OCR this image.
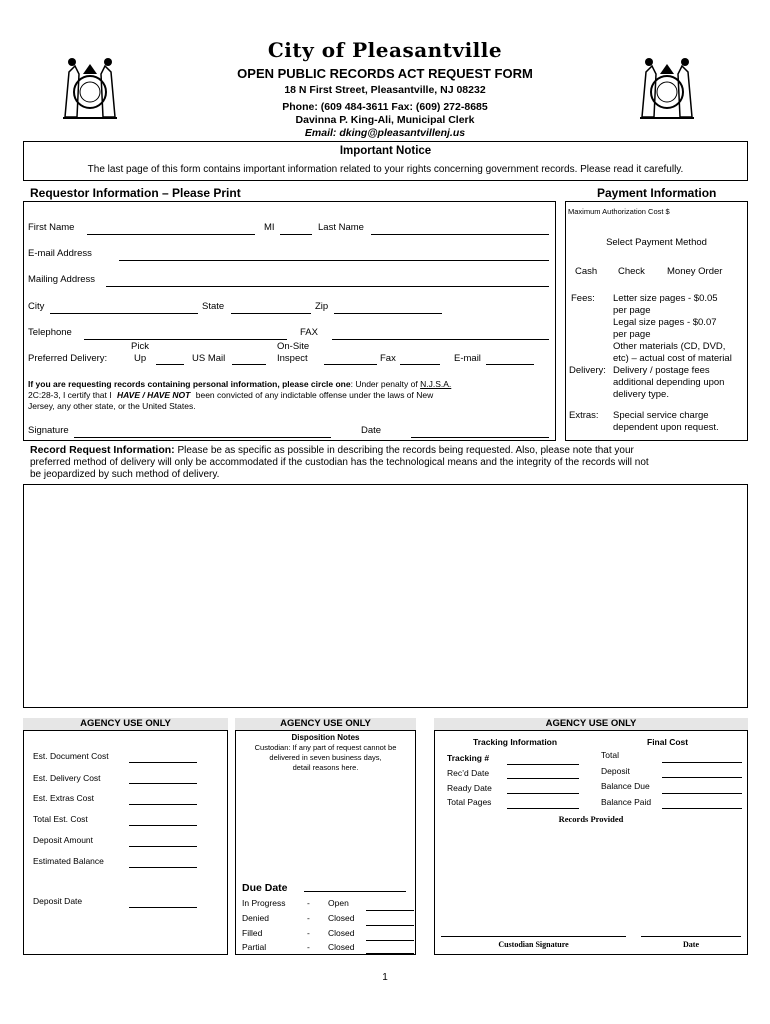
City of Pleasantville
OPEN PUBLIC RECORDS ACT REQUEST FORM
18 N First Street, Pleasantville, NJ 08232
Phone: (609 484-3611 Fax: (609) 272-8685
Davinna P. King-Ali, Municipal Clerk
Email: dking@pleasantvillenj.us
Important Notice
The last page of this form contains important information related to your rights concerning government records. Please read it carefully.
Requestor Information – Please Print	Payment Information
First Name	MI	Last Name
E-mail Address
Mailing Address
City	State	Zip
Telephone	FAX
Pick	On-Site
Preferred Delivery:	Up	US Mail	Inspect	Fax	E-mail
If you are requesting records containing personal information, please circle one: Under penalty of N.J.S.A.
2C:28-3, I certify that I HAVE / HAVE NOT been convicted of any indictable offense under the laws of New
Jersey, any other state, or the United States.
Signature	Date
Maximum Authorization Cost $
Select Payment Method
Cash Check Money Order
Fees: Letter size pages - $0.05
per page
Legal size pages - $0.07
per page
Other materials (CD, DVD,
etc) – actual cost of material
Delivery: Delivery / postage fees
additional depending upon
delivery type.
Extras: Special service charge
dependent upon request.
Record Request Information: Please be as specific as possible in describing the records being requested. Also, please note that your
preferred method of delivery will only be accommodated if the custodian has the technological means and the integrity of the records will not
be jeopardized by such method of delivery.
AGENCY USE ONLY
Est. Document Cost
Est. Delivery Cost
Est. Extras Cost
Total Est. Cost
Deposit Amount
Estimated Balance
Deposit Date
AGENCY USE ONLY
Disposition Notes
Custodian: If any part of request cannot be
delivered in seven business days,
detail reasons here.
Due Date
In Progress	- Open
Denied	- Closed
Filled	- Closed
Partial	- Closed
AGENCY USE ONLY
Tracking Information	Final Cost
Tracking #
Rec’d Date
Ready Date
Total Pages
Total
Deposit
Balance Due
Balance Paid
Records Provided
Custodian Signature	Date
1
